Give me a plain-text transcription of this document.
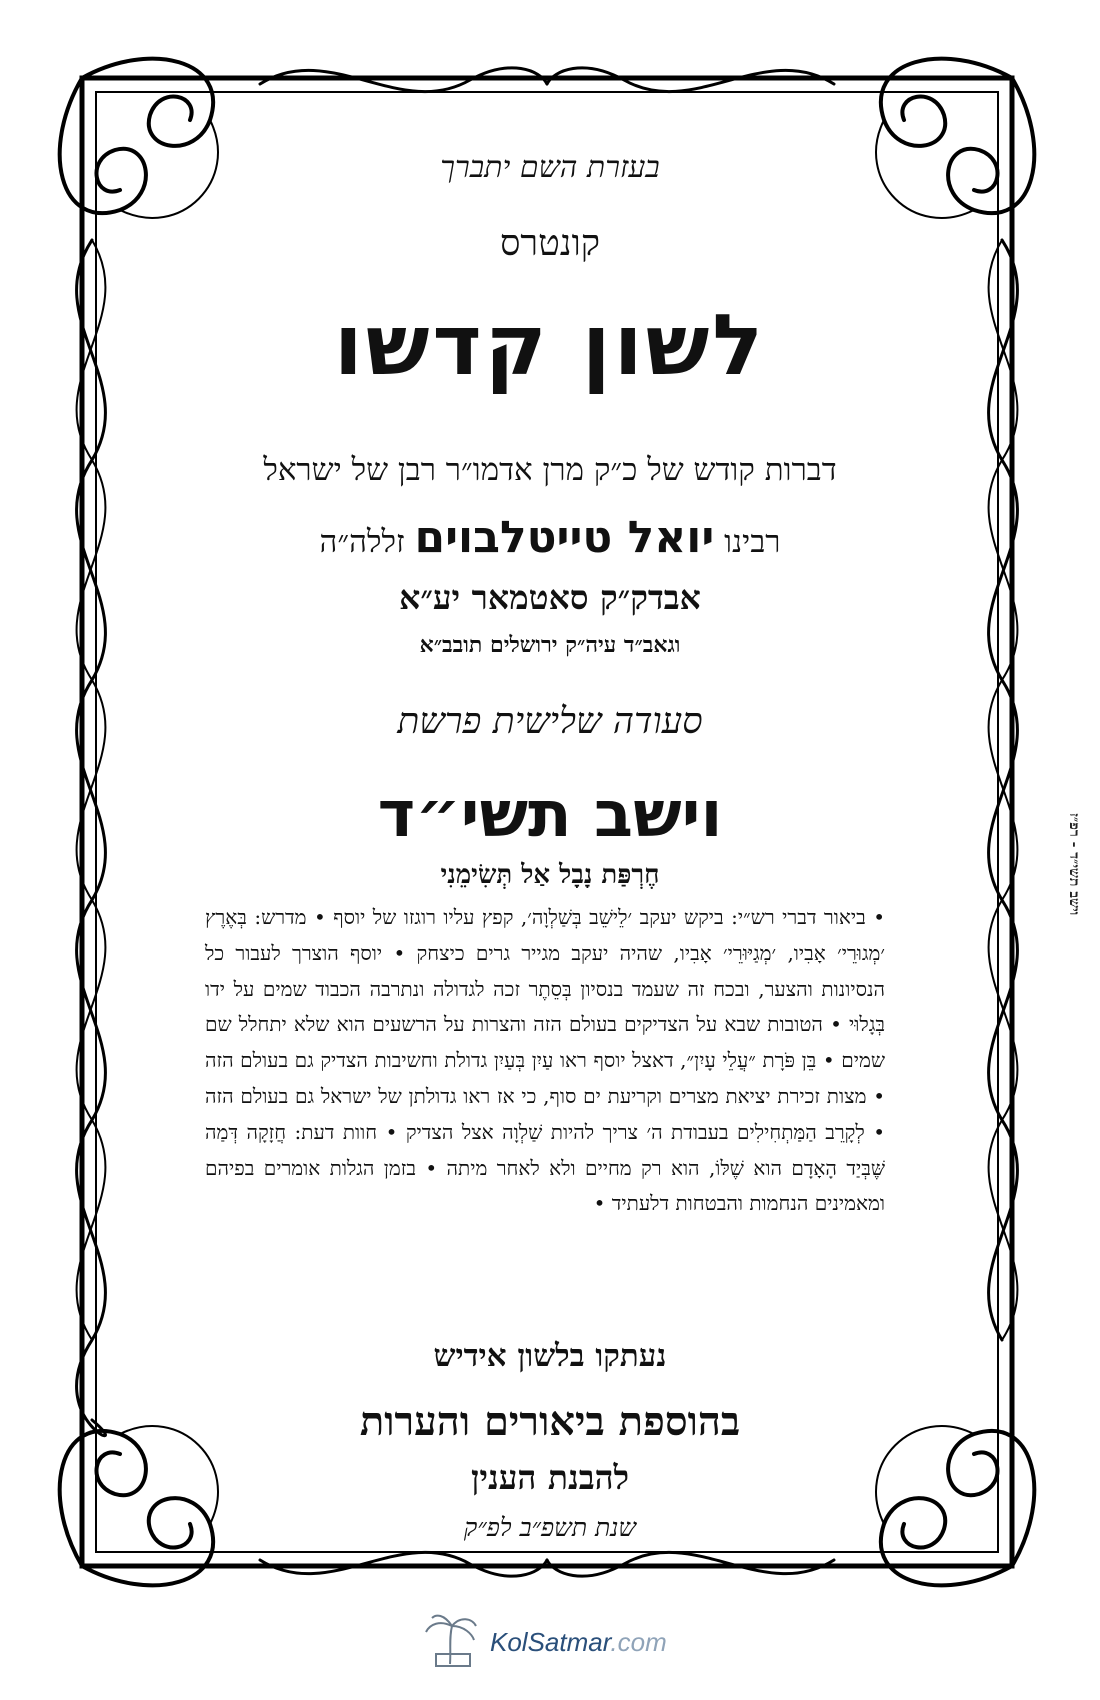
בעזרת השם יתברך
קונטרס
לשון קדשו
דברות קודש של כ״ק מרן אדמו״ר רבן של ישראל
רבינו יואל טייטלבוים זללה״ה
אבדק״ק סאטמאר יע״א
וגאב״ד עיה״ק ירושלים תובב״א
סעודה שלישית פרשת
וישב תשי״ד
חֶרְפַּת נָבָל אַל תְּשִׂימֵנִי
• ביאור דברי רש״י: ביקש יעקב ׳לֵישֵׁב בְּשַׁלְוָה׳, קפץ עליו רוגזו של יוסף • מדרש: בְּאֶרֶץ ׳מְגוּרֵי׳ אָבִיו, ׳מְגַיּוּרֵי׳ אָבִיו, שהיה יעקב מגייר גרים כיצחק • יוסף הוצרך לעבור כל הנסיונות והצער, ובכח זה שעמד בנסיון בְּסֵתֶר זכה לגדולה ונתרבה הכבוד שמים על ידו בְּגָלוּי • הטובות שבא על הצדיקים בעולם הזה והצרות על הרשעים הוא שלא יתחלל שם שמים • בֵּן פֹּרָת ״עֲלֵי עָיִן״, דאצל יוסף ראו עַיִן בְּעַיִן גדולת וחשיבות הצדיק גם בעולם הזה • מצות זכירת יציאת מצרים וקריעת ים סוף, כי אז ראו גדולתן של ישראל גם בעולם הזה • לְקָרֵב הַמַּתְחִילִים בעבודת ה׳ צריך להיות שַׁלְוָה אצל הצדיק • חוות דעת: חֲזָקָה דְּמַה שֶּׁבְּיַד הָאָדָם הוא שֶׁלּוֹ, הוא רק מחיים ולא לאחר מיתה • בזמן הגלות אומרים בפיהם ומאמינים הנחמות והבטחות דלעתיד •
נעתקו בלשון אידיש
בהוספת ביאורים והערות
להבנת הענין
שנת תשפ״ב לפ״ק
וישב תשי״ד - רפ״ז
KolSatmar.com
